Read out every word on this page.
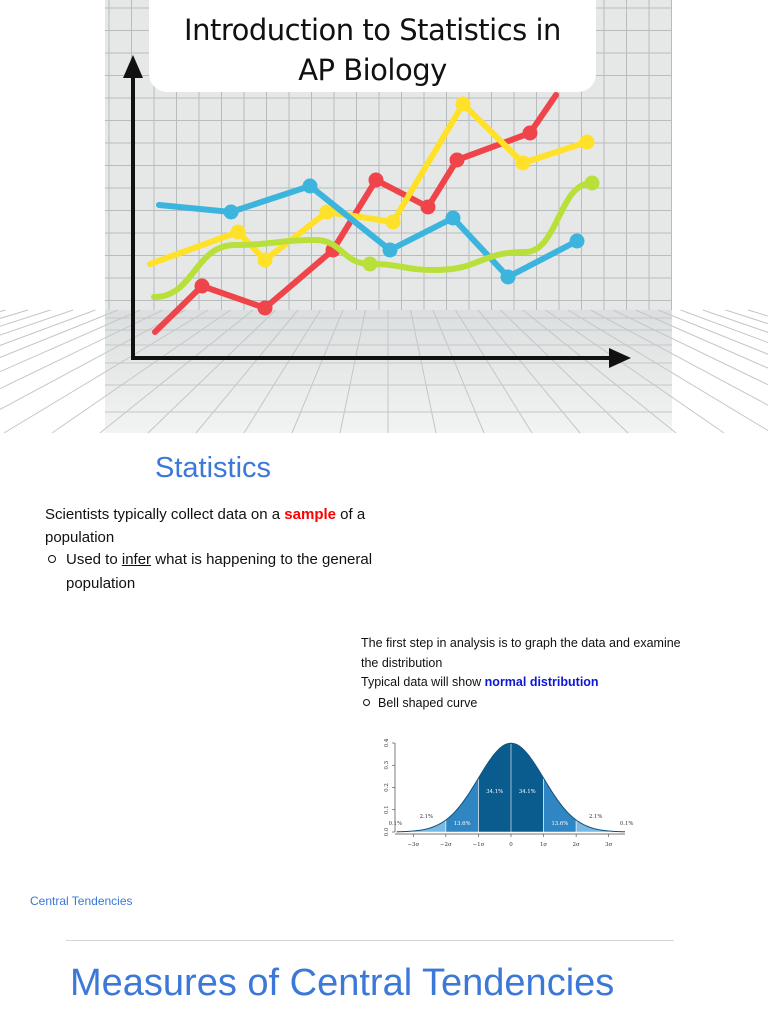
Introduction to Statistics in
AP Biology
Statistics

Scientists typically collect data on a sample of a population

Used to infer what is happening to the general
population

The first step in analysis is to graph the data and examine the distribution
Typical data will show normal distribution

Bell shaped curve
0.0
0.1
0.2
0.3
0.4
−3σ	−2σ	−1σ	0	1σ	2σ	3σ
0.1%
2.1%
13.6%
34.1%	34.1%
13.6%
2.1%
0.1%
Central Tendencies
Measures of Central Tendencies
